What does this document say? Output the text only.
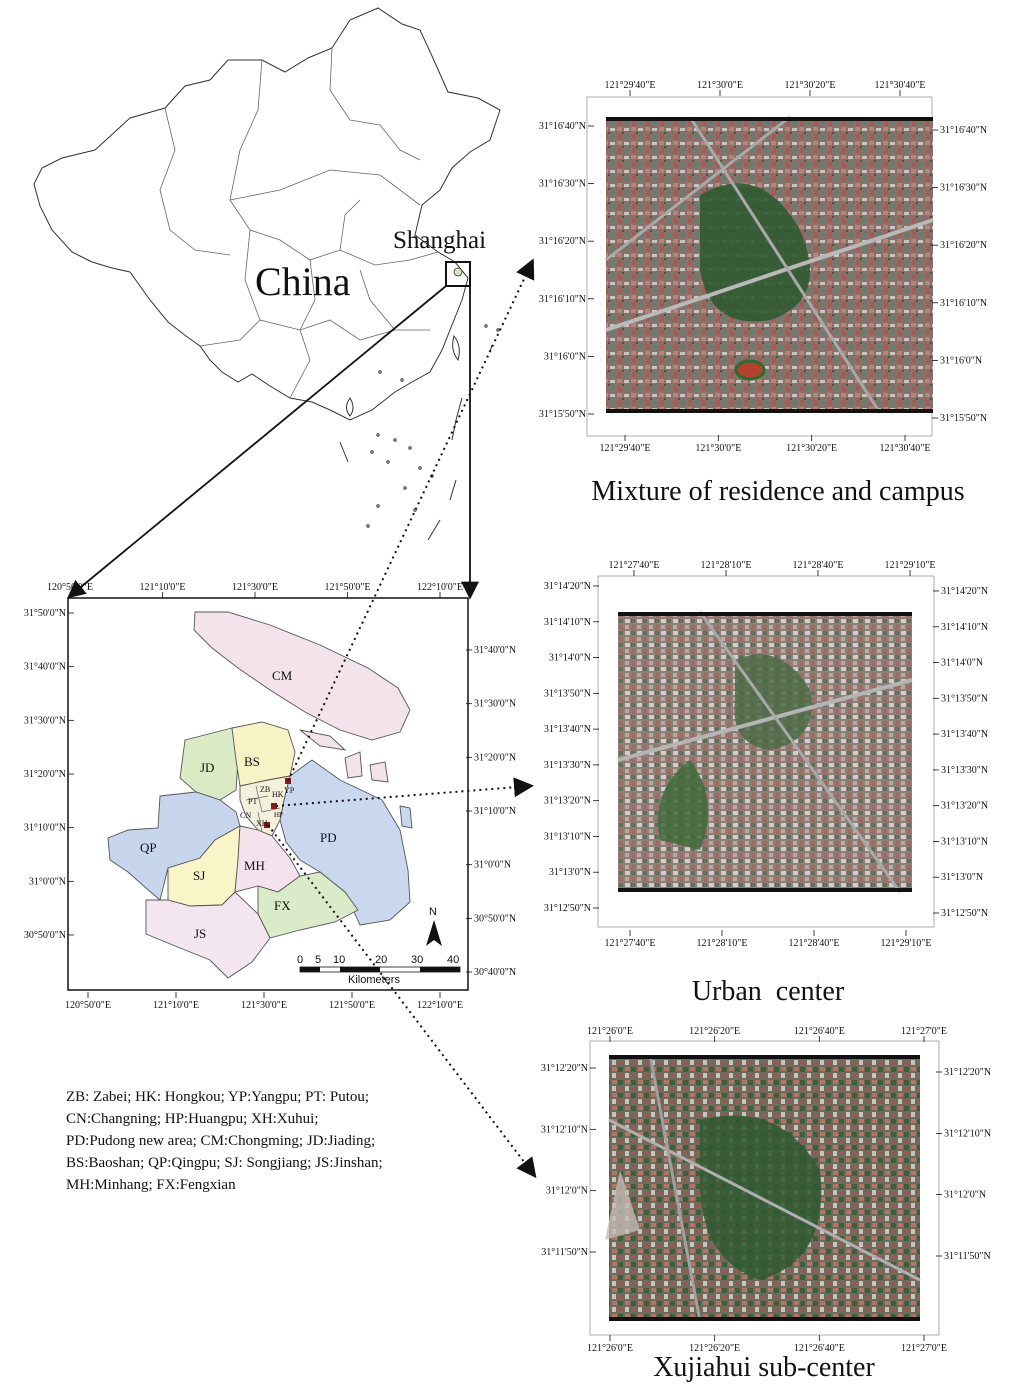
China
Shanghai
120°50'0"E	121°10'0"E	121°30'0"E	121°50'0"E	122°10'0"E
120°50'0"E	121°10'0"E	121°30'0"E	121°50'0"E	122°10'0"E
31°50'0"N
31°40'0"N
31°30'0"N
31°20'0"N
31°10'0"N
31°0'0"N
30°50'0"N
31°40'0"N
31°30'0"N
31°20'0"N
31°10'0"N
31°0'0"N
30°50'0"N
30°40'0"N
CM
BS
JD
YP
ZB
HK
PT
CN	HP
XH
QP
SJ
MH
PD
FX
JS
N
0 5 10	20 30 40
Kilometers
121°29'40"E	121°30'0"E	121°30'20"E	121°30'40"E
121°29'40"E	121°30'0"E	121°30'20"E	121°30'40"E
31°16'40"N
31°16'30"N
31°16'20"N
31°16'10"N
31°16'0"N
31°15'50"N
31°16'40"N
31°16'30"N
31°16'20"N
31°16'10"N
31°16'0"N
31°15'50"N
Mixture of residence and campus
121°27'40"E	121°28'10"E	121°28'40"E	121°29'10"E
121°27'40"E	121°28'10"E	121°28'40"E	121°29'10"E
31°14'20"N
31°14'10"N
31°14'0"N
31°13'50"N
31°13'40"N
31°13'30"N
31°13'20"N
31°13'10"N
31°13'0"N
31°12'50"N
31°14'20"N
31°14'10"N
31°14'0"N
31°13'50"N
31°13'40"N
31°13'30"N
31°13'20"N
31°13'10"N
31°13'0"N
31°12'50"N
Urban  center
121°26'0"E	121°26'20"E	121°26'40"E	121°27'0"E
121°26'0"E	121°26'20"E	121°26'40"E	121°27'0"E
31°12'20"N
31°12'10"N
31°12'0"N
31°11'50"N
31°12'20"N
31°12'10"N
31°12'0"N
31°11'50"N
Xujiahui sub-center
ZB: Zabei; HK: Hongkou; YP:Yangpu; PT: Putou;
CN:Changning; HP:Huangpu; XH:Xuhui;
PD:Pudong new area; CM:Chongming; JD:Jiading;
BS:Baoshan; QP:Qingpu; SJ: Songjiang; JS:Jinshan;
MH:Minhang; FX:Fengxian
